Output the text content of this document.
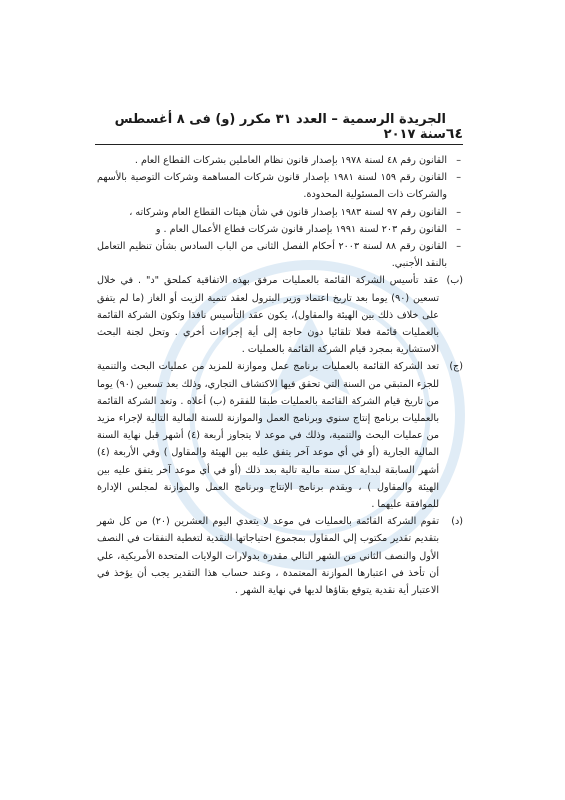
٦٤
الجريدة الرسمية – العدد ٣١ مكرر (و) فى ٨ أغسطس سنة ٢٠١٧

–
القانون رقم ٤٨ لسنة ١٩٧٨ بإصدار قانون نظام العاملين بشركات القطاع العام .

–
القانون رقم ١٥٩ لسنة ١٩٨١ بإصدار قانون شركات المساهمة وشركات التوصية بالأسهم والشركات ذات المسئولية المحدودة.

–
القانون رقم ٩٧ لسنة ١٩٨٣ بإصدار قانون في شأن هيئات القطاع العام وشركاته ،

–
القانون رقم ٢٠٣ لسنة ١٩٩١ بإصدار قانون شركات قطاع الأعمال العام . و

–
القانون رقم ٨٨ لسنة ٢٠٠٣ أحكام الفصل الثانى من الباب السادس بشأن تنظيم التعامل بالنقد الأجنبي.

(ب)
عقد تأسيس الشركة القائمة بالعمليات مرفق بهذه الاتفاقية كملحق "د" . في خلال تسعين (٩٠) يوما بعد تاريخ اعتماد وزير البترول لعقد تنمية الزيت أو الغاز (ما لم يتفق على خلاف ذلك بين الهيئة والمقاول)، يكون عقد التأسيس نافذا وتكون الشركة القائمة بالعمليات قائمة فعلا تلقائيا دون حاجة إلى أية إجراءات أخري . وتحل لجنة البحث الاستشارية بمجرد قيام الشركة القائمة بالعمليات .

(ج)
تعد الشركة القائمة بالعمليات برنامج عمل وموازنة للمزيد من عمليات البحث والتنمية للجزء المتبقي من السنة التي تحقق فيها الاكتشاف التجاري، وذلك بعد تسعين (٩٠) يوما من تاريخ قيام الشركة القائمة بالعمليات طبقا للفقرة (ب) أعلاه . وتعد الشركة القائمة بالعمليات برنامج إنتاج سنوي وبرنامج العمل والموازنة للسنة المالية التالية لإجراء مزيد من عمليات البحث والتنمية، وذلك في موعد لا يتجاوز أربعة (٤) أشهر قبل نهاية السنة المالية الجارية (أو في أي موعد آخر يتفق عليه بين الهيئة والمقاول ) وفي الأربعة (٤) أشهر السابقة لبداية كل سنة مالية تالية بعد ذلك (أو في أي موعد آخر يتفق عليه بين الهيئة والمقاول ) ، ويقدم برنامج الإنتاج وبرنامج العمل والموازنة لمجلس الإدارة للموافقة عليهما .

(د)
تقوم الشركة القائمة بالعمليات في موعد لا يتعدي اليوم العشرين (٢٠) من كل شهر بتقديم تقدير مكتوب إلي المقاول بمجموع احتياجاتها النقدية لتغطية النفقات في النصف الأول والنصف الثاني من الشهر التالي مقدرة بدولارات الولايات المتحدة الأمريكية، علي أن تأخذ في اعتبارها الموازنة المعتمدة ، وعند حساب هذا التقدير يجب أن يؤخذ في الاعتبار أية نقدية يتوقع بقاؤها لديها في نهاية الشهر .
